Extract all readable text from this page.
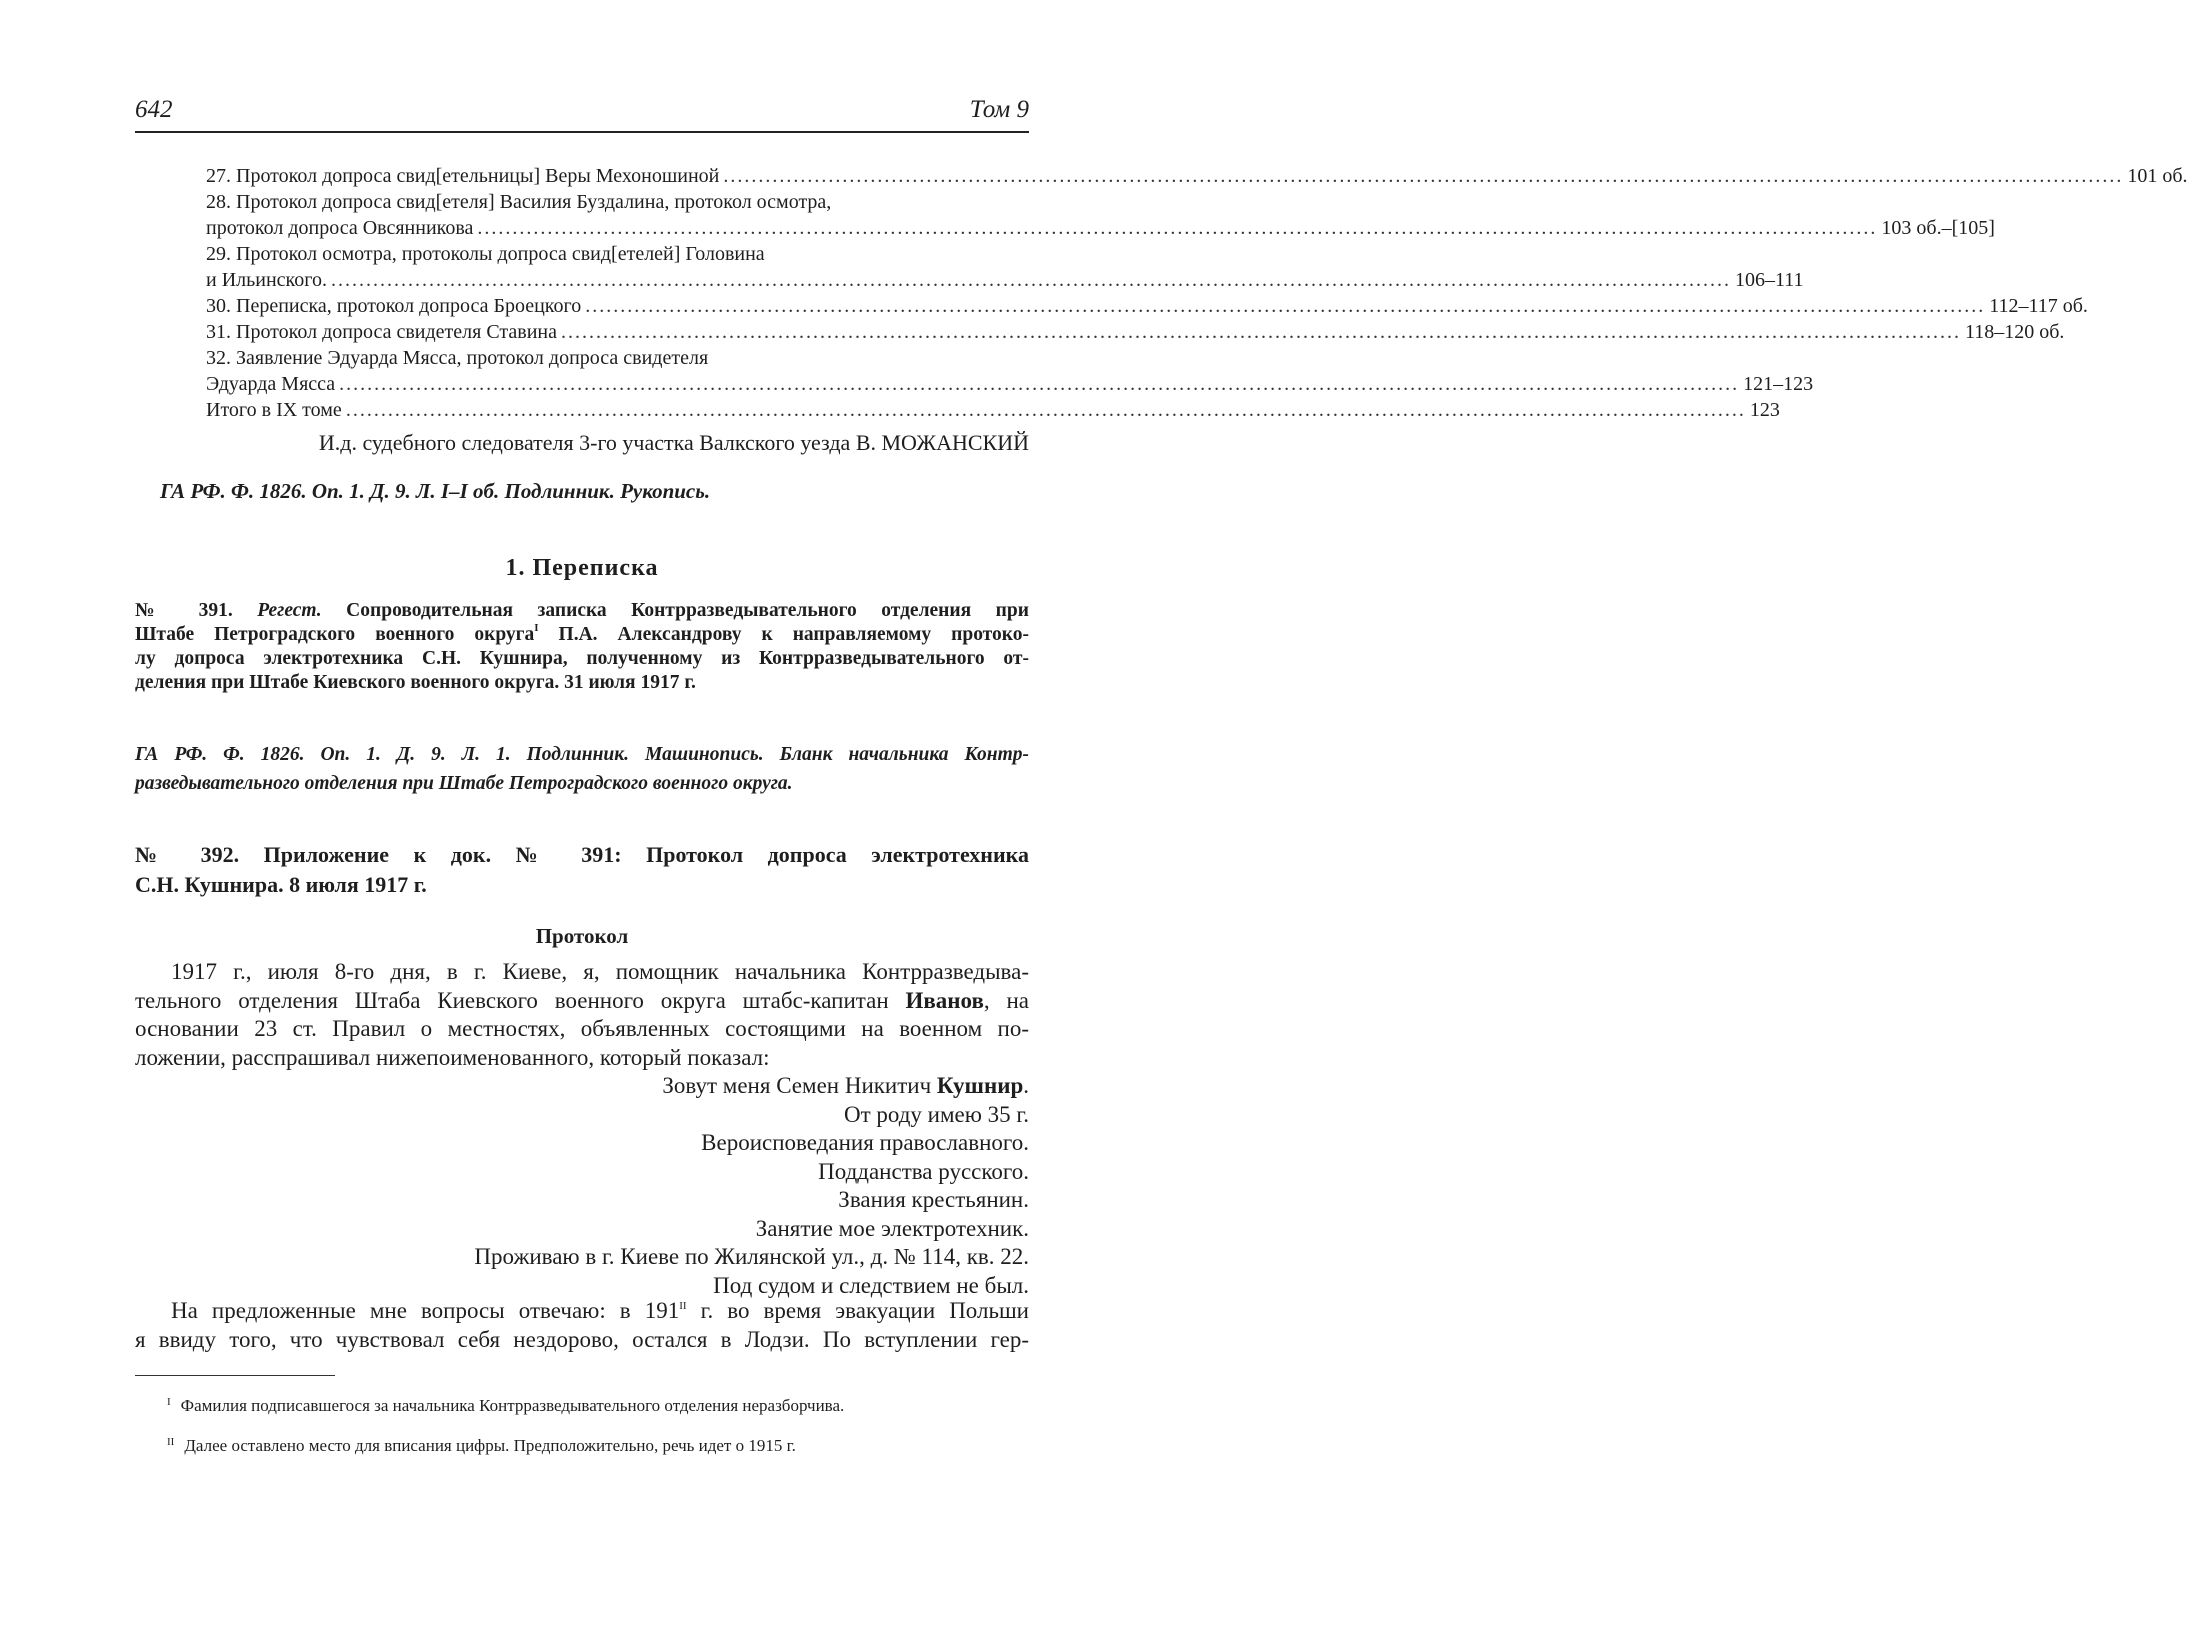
642	Том 9
27. Протокол допроса свид[етельницы] Веры Мехоношиной ........................................................................................................................................................................................................ 101 об.
28. Протокол допроса свид[етеля] Василия Буздалина, протокол осмотра,
протокол допроса Овсянникова ........................................................................................................................................................................................................ 103 об.–[105]
29. Протокол осмотра, протоколы допроса свид[етелей] Головина
и Ильинского. ........................................................................................................................................................................................................ 106–111
30. Переписка, протокол допроса Броецкого ........................................................................................................................................................................................................ 112–117 об.
31. Протокол допроса свидетеля Ставина ........................................................................................................................................................................................................ 118–120 об.
32. Заявление Эдуарда Мясса, протокол допроса свидетеля
Эдуарда Мясса ........................................................................................................................................................................................................ 121–123
Итого в IX томе ........................................................................................................................................................................................................ 123
И.д. судебного следователя 3-го участка Валкского уезда В. МОЖАНСКИЙ
ГА РФ. Ф. 1826. Оп. 1. Д. 9. Л. I–I об. Подлинник. Рукопись.
1. Переписка
№ 391. Регест. Сопроводительная записка Контрразведывательного отделения при
Штабе Петроградского военного округа$^I$ П.А. Александрову к направляемому протоко-
лу допроса электротехника С.Н. Кушнира, полученному из Контрразведывательного от-
деления при Штабе Киевского военного округа. 31 июля 1917 г.
ГА РФ. Ф. 1826. Оп. 1. Д. 9. Л. 1. Подлинник. Машинопись. Бланк начальника Контр-
разведывательного отделения при Штабе Петроградского военного округа.
№ 392. Приложение к док. № 391: Протокол допроса электротехника
С.Н. Кушнира. 8 июля 1917 г.
Протокол
1917 г., июля 8-го дня, в г. Киеве, я, помощник начальника Контрразведыва-
тельного отделения Штаба Киевского военного округа штабс-капитан Иванов, на
основании 23 ст. Правил о местностях, объявленных состоящими на военном по-
ложении, расспрашивал нижепоименованного, который показал:
Зовут меня Семен Никитич Кушнир.
От роду имею 35 г.
Вероисповедания православного.
Подданства русского.
Звания крестьянин.
Занятие мое электротехник.
Проживаю в г. Киеве по Жилянской ул., д. № 114, кв. 22.
Под судом и следствием не был.
На предложенные мне вопросы отвечаю: в $191^{II}$ г. во время эвакуации Польши
я ввиду того, что чувствовал себя нездорово, остался в Лодзи. По вступлении гер-
$^I$ Фамилия подписавшегося за начальника Контрразведывательного отделения неразборчива.
$^{II}$ Далее оставлено место для вписания цифры. Предположительно, речь идет о 1915 г.
